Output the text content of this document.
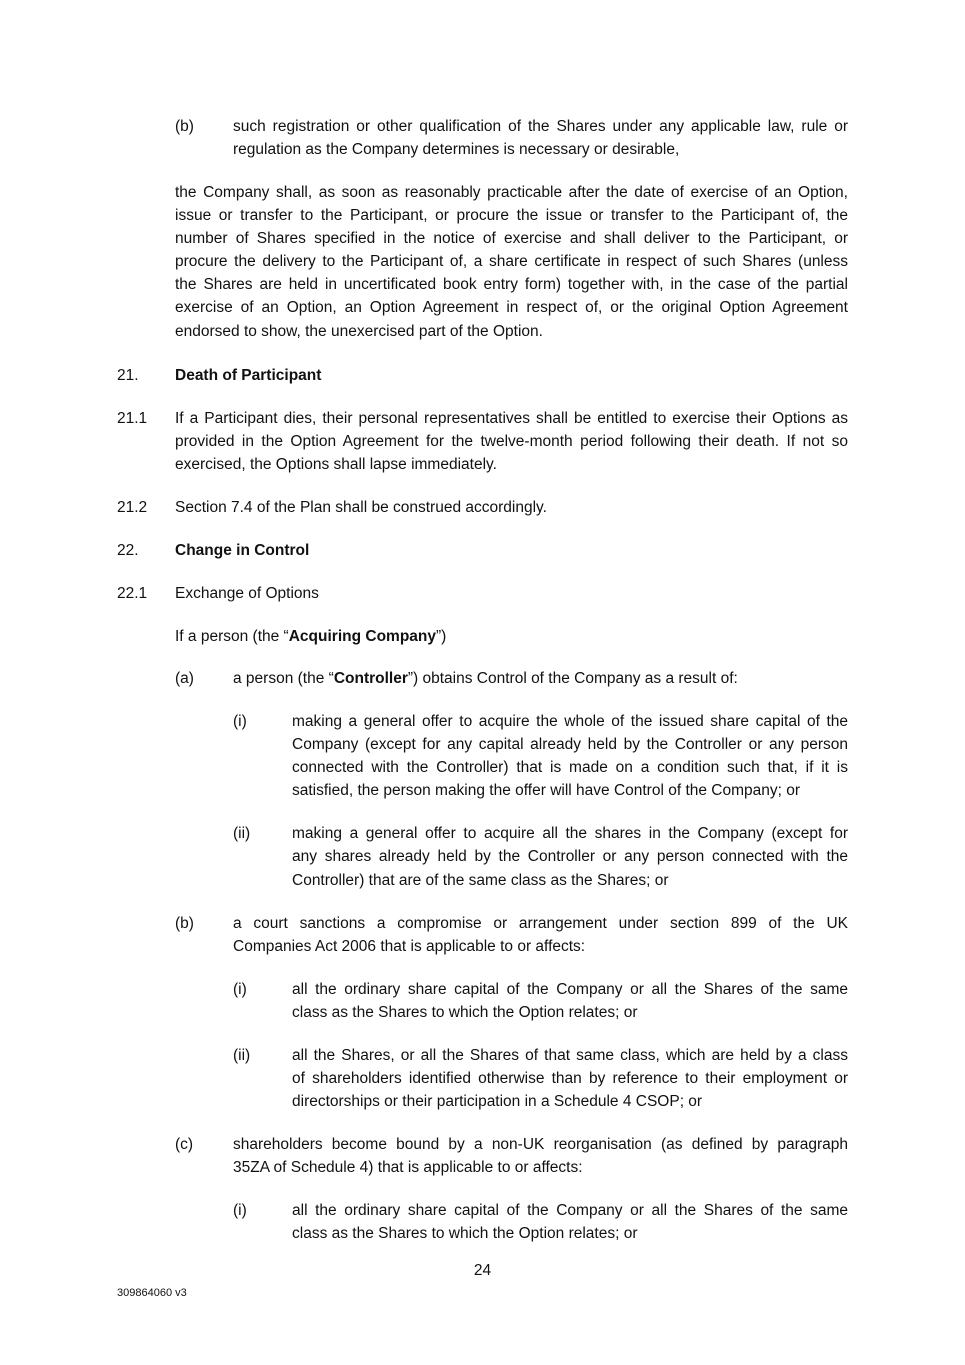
(b)	such registration or other qualification of the Shares under any applicable law, rule or
regulation as the Company determines is necessary or desirable,
the Company shall, as soon as reasonably practicable after the date of exercise of an Option,
issue or transfer to the Participant, or procure the issue or transfer to the Participant of, the
number of Shares specified in the notice of exercise and shall deliver to the Participant, or
procure the delivery to the Participant of, a share certificate in respect of such Shares (unless
the Shares are held in uncertificated book entry form) together with, in the case of the partial
exercise of an Option, an Option Agreement in respect of, or the original Option Agreement
endorsed to show, the unexercised part of the Option.
21. Death of Participant
21.1 If a Participant dies, their personal representatives shall be entitled to exercise their Options as
provided in the Option Agreement for the twelve-month period following their death. If not so
exercised, the Options shall lapse immediately.
21.2 Section 7.4 of the Plan shall be construed accordingly.
22. Change in Control
22.1 Exchange of Options
If a person (the “Acquiring Company”)
(a)	a person (the “Controller”) obtains Control of the Company as a result of:
(i)	making a general offer to acquire the whole of the issued share capital of the
Company (except for any capital already held by the Controller or any person
connected with the Controller) that is made on a condition such that, if it is
satisfied, the person making the offer will have Control of the Company; or
(ii)	making a general offer to acquire all the shares in the Company (except for
any shares already held by the Controller or any person connected with the
Controller) that are of the same class as the Shares; or
(b)	a court sanctions a compromise or arrangement under section 899 of the UK
Companies Act 2006 that is applicable to or affects:
(i)	all the ordinary share capital of the Company or all the Shares of the same
class as the Shares to which the Option relates; or
(ii)	all the Shares, or all the Shares of that same class, which are held by a class
of shareholders identified otherwise than by reference to their employment or
directorships or their participation in a Schedule 4 CSOP; or
(c)	shareholders become bound by a non-UK reorganisation (as defined by paragraph
35ZA of Schedule 4) that is applicable to or affects:
(i)	all the ordinary share capital of the Company or all the Shares of the same
class as the Shares to which the Option relates; or
24
309864060 v3
